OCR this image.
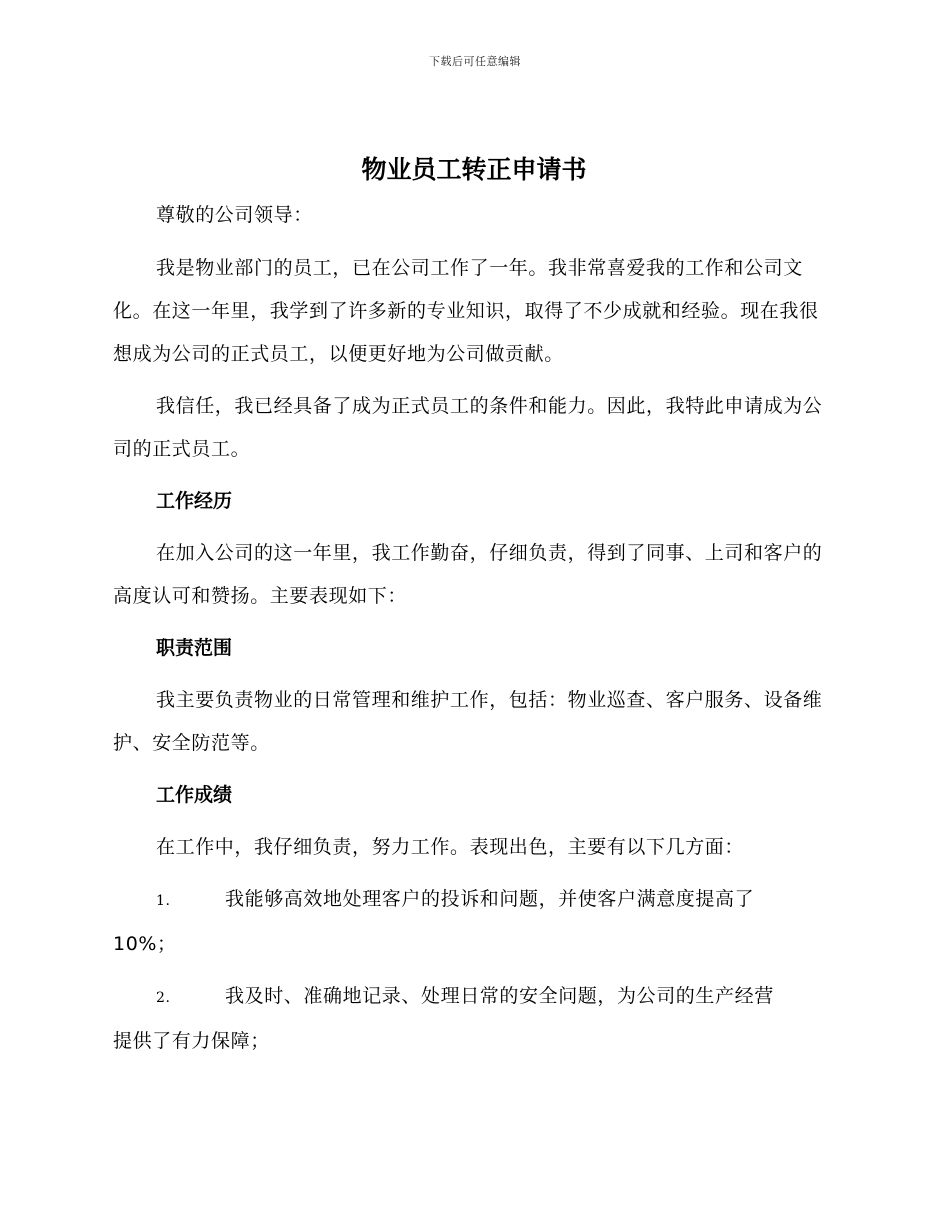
下载后可任意编辑
物业员工转正申请书

尊敬的公司领导：

我是物业部门的员工，已在公司工作了一年。我非常喜爱我的工作和公司文化。在这一年里，我学到了许多新的专业知识，取得了不少成就和经验。现在我很想成为公司的正式员工，以便更好地为公司做贡献。

我信任，我已经具备了成为正式员工的条件和能力。因此，我特此申请成为公司的正式员工。

工作经历

在加入公司的这一年里，我工作勤奋，仔细负责，得到了同事、上司和客户的高度认可和赞扬。主要表现如下：

职责范围

我主要负责物业的日常管理和维护工作，包括：物业巡查、客户服务、设备维护、安全防范等。

工作成绩

在工作中，我仔细负责，努力工作。表现出色，主要有以下几方面：

1.	我能够高效地处理客户的投诉和问题，并使客户满意度提高了
10%；
2.	我及时、准确地记录、处理日常的安全问题，为公司的生产经营
提供了有力保障；
